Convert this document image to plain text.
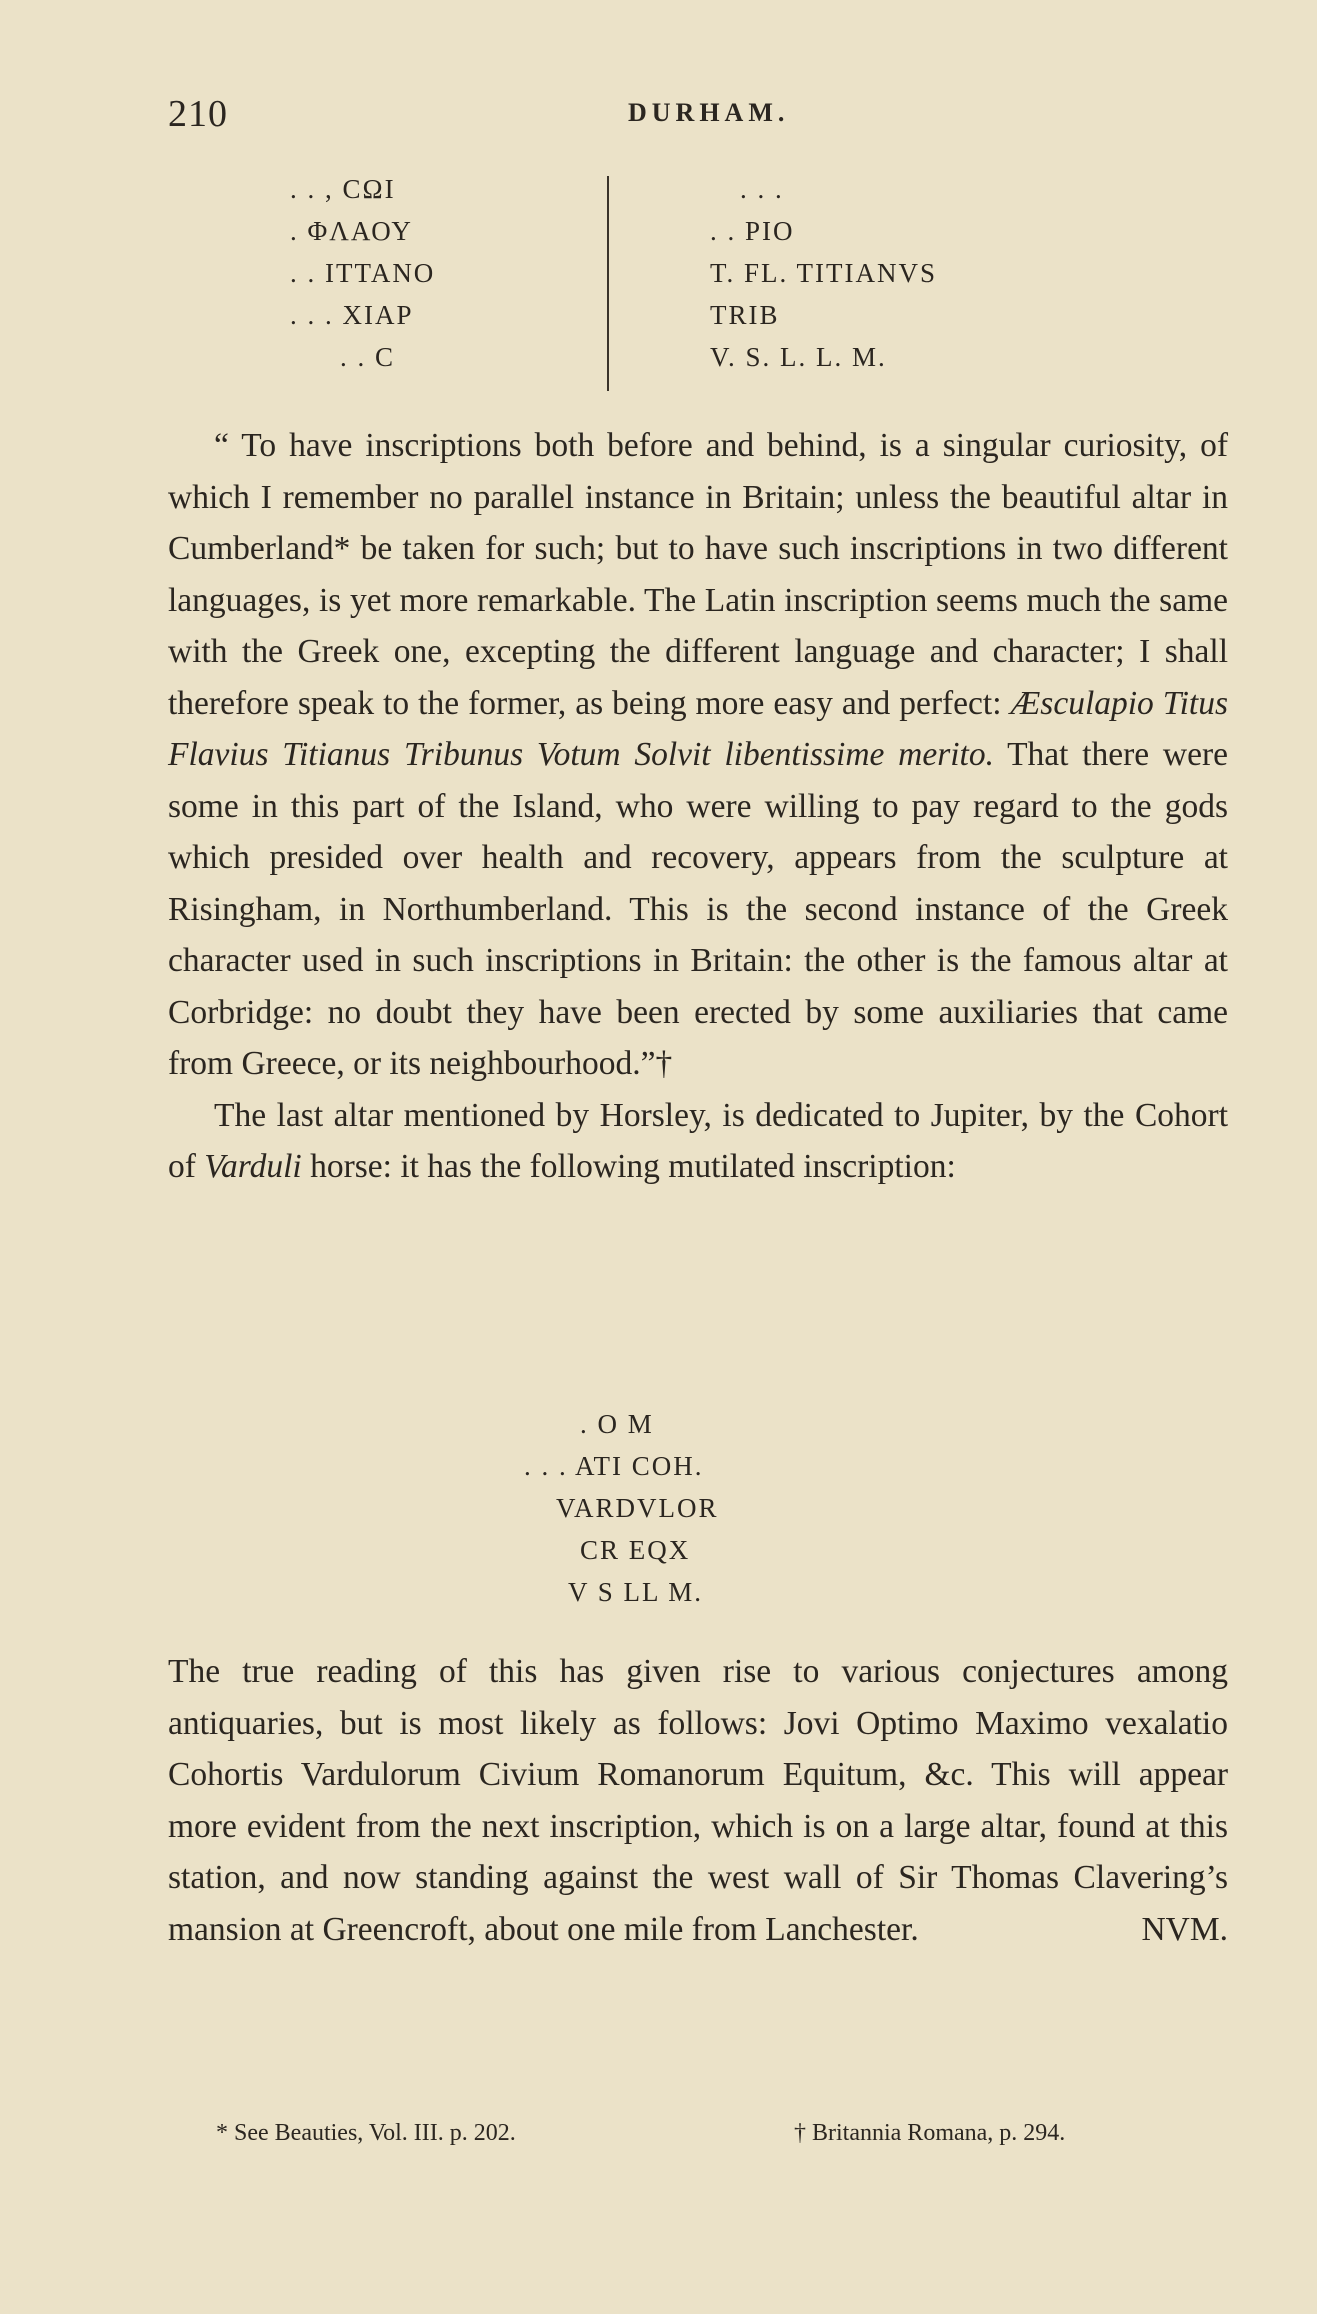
210	DURHAM.
. . , CΩI
. ΦΛΑΟΥ
. . ITTANO
. . . ΧIAP
. . C
. . .
. . PIO
T. FL. TITIANVS
TRIB
V. S. L. L. M.

“ To have inscriptions both before and behind, is a singular curiosity, of which I remember no parallel instance in Britain; unless the beautiful altar in Cumberland* be taken for such; but to have such inscriptions in two different languages, is yet more remarkable. The Latin inscription seems much the same with the Greek one, excepting the different language and character; I shall therefore speak to the former, as being more easy and perfect: Æsculapio Titus Flavius Titianus Tribunus Votum Solvit libentissime merito. That there were some in this part of the Island, who were willing to pay regard to the gods which presided over health and recovery, appears from the sculpture at Risingham, in Northumberland. This is the second instance of the Greek character used in such inscriptions in Britain: the other is the famous altar at Corbridge: no doubt they have been erected by some auxiliaries that came from Greece, or its neighbourhood.”†

The last altar mentioned by Horsley, is dedicated to Jupiter, by the Cohort of Varduli horse: it has the following mutilated inscription:

. O M
. . . ATI COH.
VARDVLOR
CR EQX
V S LL M.

The true reading of this has given rise to various conjectures among antiquaries, but is most likely as follows: Jovi Optimo Maximo vexalatio Cohortis Vardulorum Civium Romanorum Equitum, &c. This will appear more evident from the next inscription, which is on a large altar, found at this station, and now standing against the west wall of Sir Thomas Clavering’s mansion at Greencroft, about one mile from Lanchester.	NVM.
* See Beauties, Vol. III. p. 202.	† Britannia Romana, p. 294.
